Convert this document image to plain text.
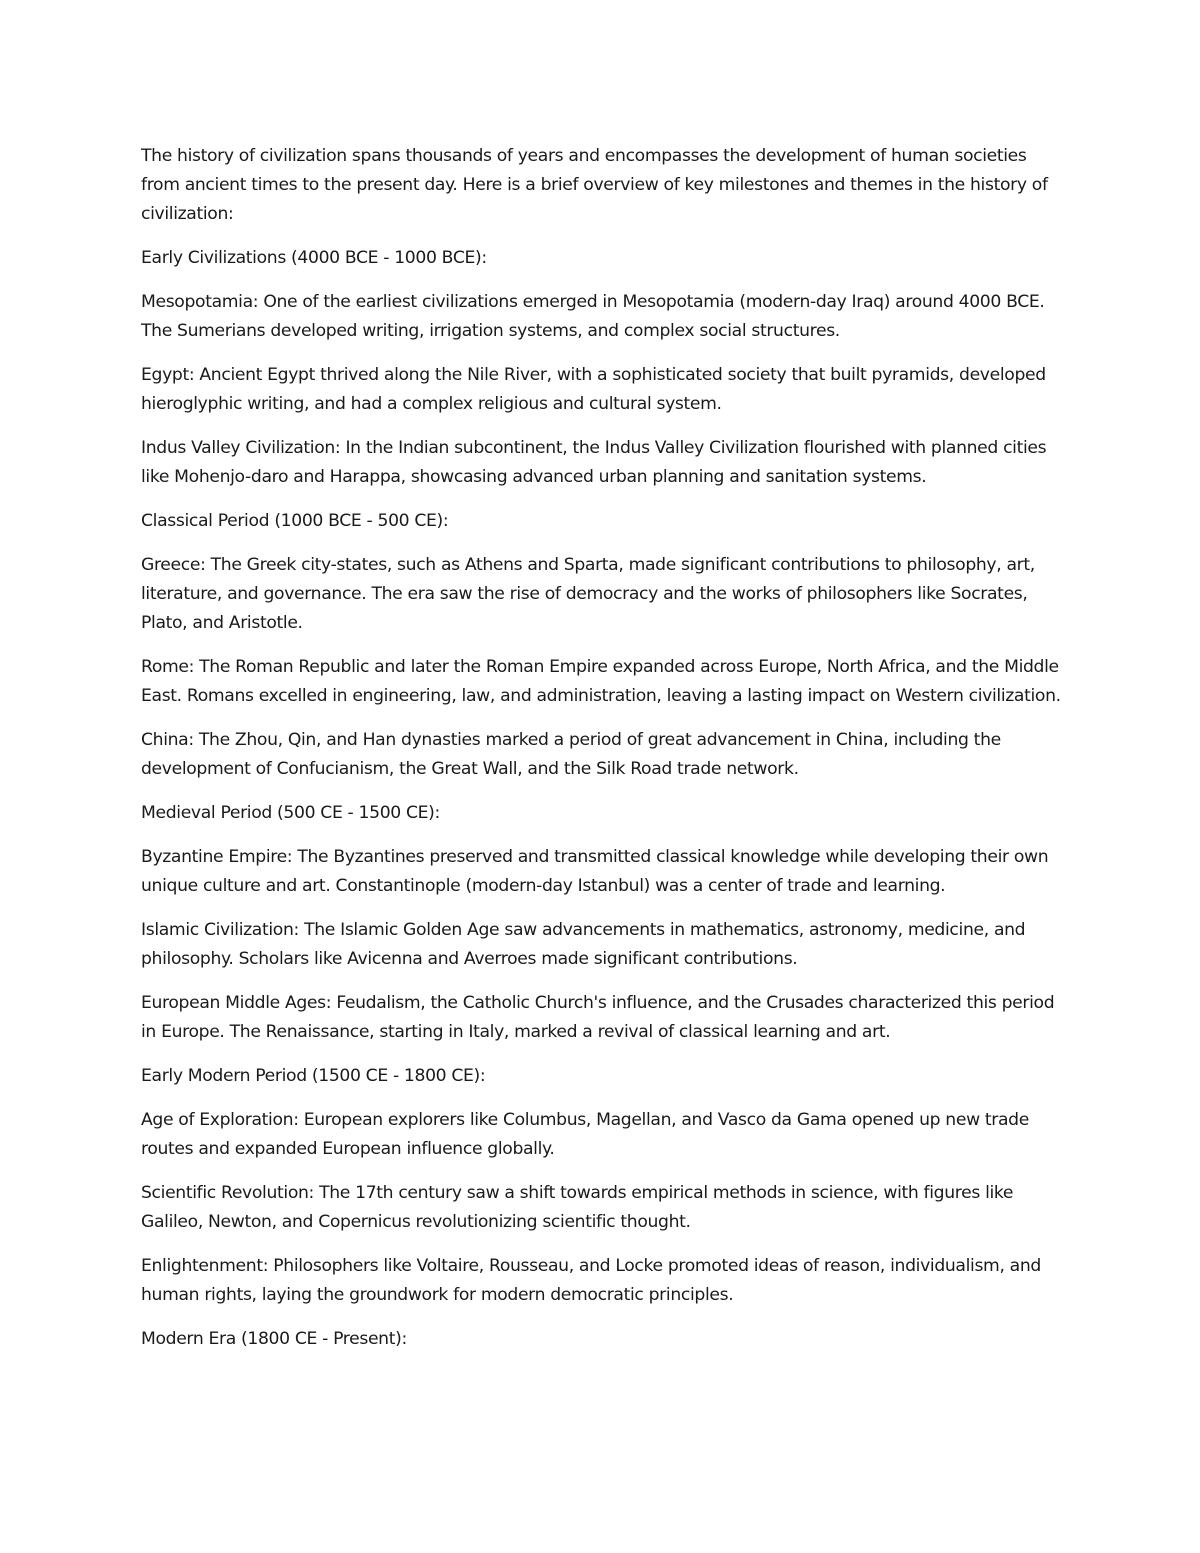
The history of civilization spans thousands of years and encompasses the development of human societies from ancient times to the present day. Here is a brief overview of key milestones and themes in the history of civilization:

Early Civilizations (4000 BCE - 1000 BCE):

Mesopotamia: One of the earliest civilizations emerged in Mesopotamia (modern-day Iraq) around 4000 BCE. The Sumerians developed writing, irrigation systems, and complex social structures.

Egypt: Ancient Egypt thrived along the Nile River, with a sophisticated society that built pyramids, developed hieroglyphic writing, and had a complex religious and cultural system.

Indus Valley Civilization: In the Indian subcontinent, the Indus Valley Civilization flourished with planned cities like Mohenjo-daro and Harappa, showcasing advanced urban planning and sanitation systems.

Classical Period (1000 BCE - 500 CE):

Greece: The Greek city-states, such as Athens and Sparta, made significant contributions to philosophy, art, literature, and governance. The era saw the rise of democracy and the works of philosophers like Socrates, Plato, and Aristotle.

Rome: The Roman Republic and later the Roman Empire expanded across Europe, North Africa, and the Middle East. Romans excelled in engineering, law, and administration, leaving a lasting impact on Western civilization.

China: The Zhou, Qin, and Han dynasties marked a period of great advancement in China, including the development of Confucianism, the Great Wall, and the Silk Road trade network.

Medieval Period (500 CE - 1500 CE):

Byzantine Empire: The Byzantines preserved and transmitted classical knowledge while developing their own unique culture and art. Constantinople (modern-day Istanbul) was a center of trade and learning.

Islamic Civilization: The Islamic Golden Age saw advancements in mathematics, astronomy, medicine, and philosophy. Scholars like Avicenna and Averroes made significant contributions.

European Middle Ages: Feudalism, the Catholic Church's influence, and the Crusades characterized this period in Europe. The Renaissance, starting in Italy, marked a revival of classical learning and art.

Early Modern Period (1500 CE - 1800 CE):

Age of Exploration: European explorers like Columbus, Magellan, and Vasco da Gama opened up new trade routes and expanded European influence globally.

Scientific Revolution: The 17th century saw a shift towards empirical methods in science, with figures like Galileo, Newton, and Copernicus revolutionizing scientific thought.

Enlightenment: Philosophers like Voltaire, Rousseau, and Locke promoted ideas of reason, individualism, and human rights, laying the groundwork for modern democratic principles.

Modern Era (1800 CE - Present):
